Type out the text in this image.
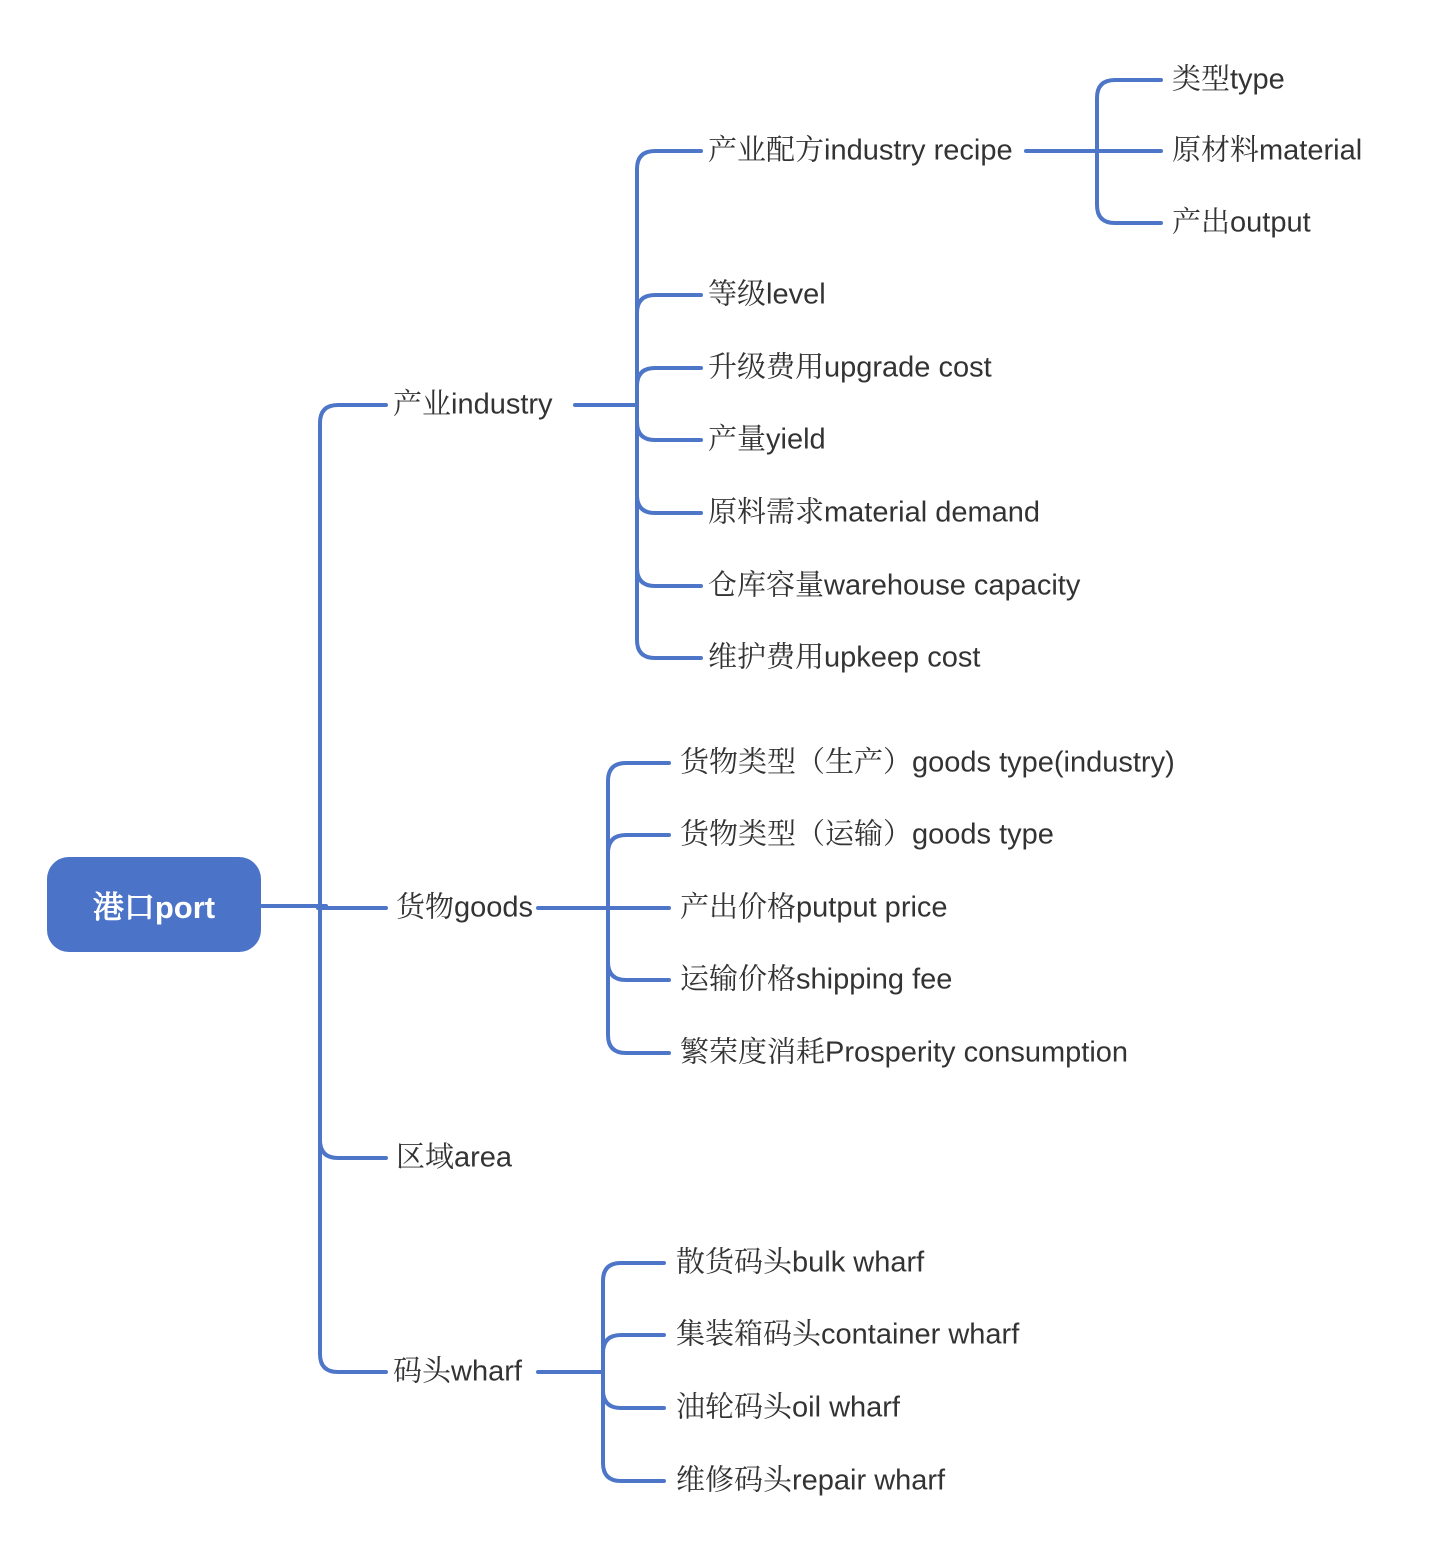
港口port
产业industry
货物goods
区域area
码头wharf
产业配方industry recipe
等级level
升级费用upgrade cost
产量yield
原料需求material demand
仓库容量warehouse capacity
维护费用upkeep cost
类型type
原材料material
产出output
货物类型（生产）goods type(industry)
货物类型（运输）goods type
产出价格putput price
运输价格shipping fee
繁荣度消耗Prosperity consumption
散货码头bulk wharf
集装箱码头container wharf
油轮码头oil wharf
维修码头repair wharf
